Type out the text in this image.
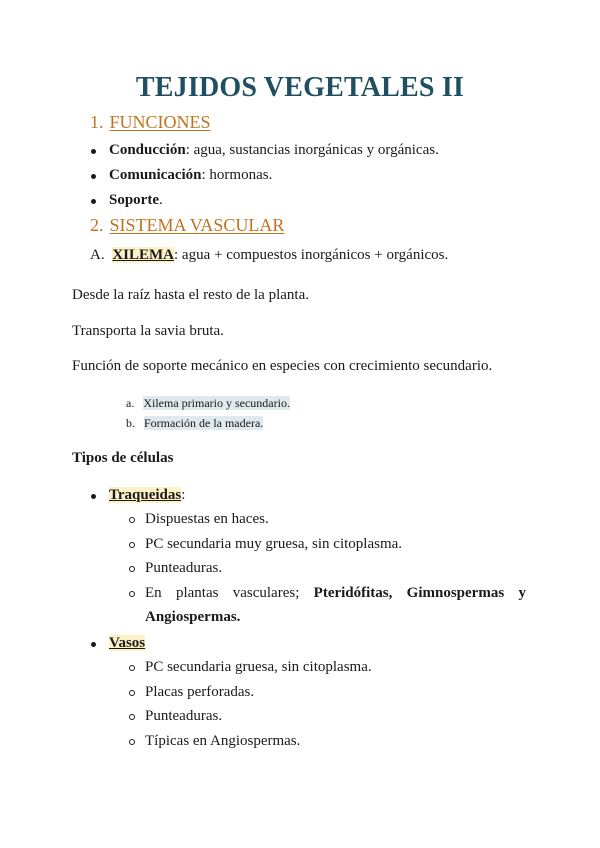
TEJIDOS VEGETALES II
1. FUNCIONES
Conducción: agua, sustancias inorgánicas y orgánicas.
Comunicación: hormonas.
Soporte.
2. SISTEMA VASCULAR
A. XILEMA: agua + compuestos inorgánicos + orgánicos.
Desde la raíz hasta el resto de la planta.
Transporta la savia bruta.
Función de soporte mecánico en especies con crecimiento secundario.
a. Xilema primario y secundario.
b. Formación de la madera.
Tipos de células
Traqueidas:
Dispuestas en haces.
PC secundaria muy gruesa, sin citoplasma.
Punteaduras.
En plantas vasculares; Pteridófitas, Gimnospermas y
Angiospermas.
Vasos
PC secundaria gruesa, sin citoplasma.
Placas perforadas.
Punteaduras.
Típicas en Angiospermas.
